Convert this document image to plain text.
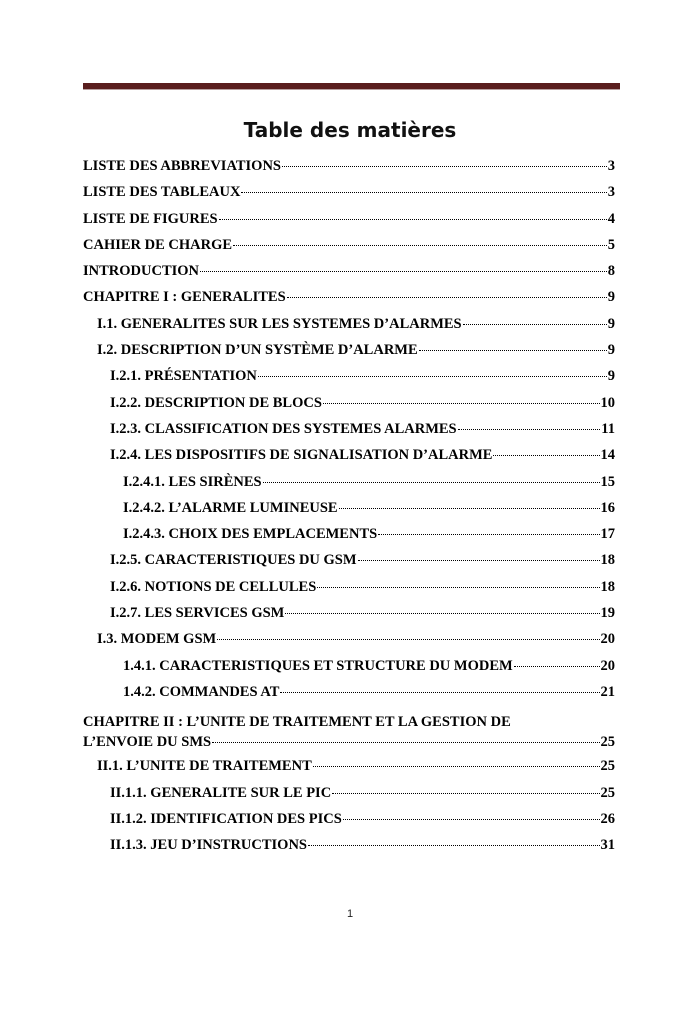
Table des matières
LISTE DES ABBREVIATIONS	3
LISTE DES TABLEAUX	3
LISTE DE FIGURES	4
CAHIER DE CHARGE	5
INTRODUCTION	8
CHAPITRE I : GENERALITES	9
I.1. GENERALITES SUR LES SYSTEMES D’ALARMES	9
I.2. DESCRIPTION D’UN SYSTÈME D’ALARME	9
I.2.1. PRÉSENTATION	9
I.2.2. DESCRIPTION DE BLOCS	10
I.2.3. CLASSIFICATION DES SYSTEMES ALARMES	11
I.2.4. LES DISPOSITIFS DE SIGNALISATION D’ALARME	14
I.2.4.1. LES SIRÈNES	15
I.2.4.2. L’ALARME LUMINEUSE	16
I.2.4.3. CHOIX DES EMPLACEMENTS	17
I.2.5. CARACTERISTIQUES DU GSM	18
I.2.6. NOTIONS DE CELLULES	18
I.2.7. LES SERVICES GSM	19
I.3. MODEM GSM	20
1.4.1. CARACTERISTIQUES ET STRUCTURE DU MODEM	20
1.4.2. COMMANDES AT	21
CHAPITRE II : L’UNITE DE TRAITEMENT ET LA GESTION DE
L’ENVOIE DU SMS	25
II.1. L’UNITE DE TRAITEMENT	25
II.1.1. GENERALITE SUR LE PIC	25
II.1.2. IDENTIFICATION DES PICS	26
II.1.3. JEU D’INSTRUCTIONS	31
1
